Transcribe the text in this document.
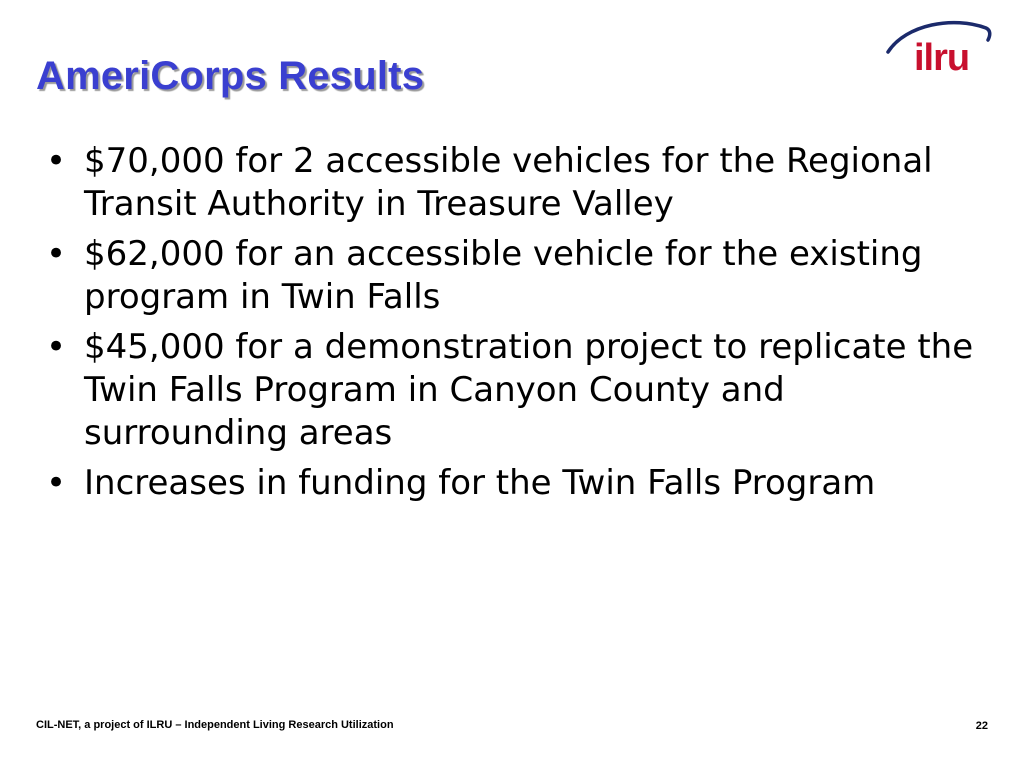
AmeriCorps Results	ilru
• $70,000 for 2 accessible vehicles for the Regional Transit Authority in Treasure Valley
• $62,000 for an accessible vehicle for the existing program in Twin Falls
• $45,000 for a demonstration project to replicate the Twin Falls Program in Canyon County and surrounding areas
• Increases in funding for the Twin Falls Program
CIL-NET, a project of ILRU – Independent Living Research Utilization	22
